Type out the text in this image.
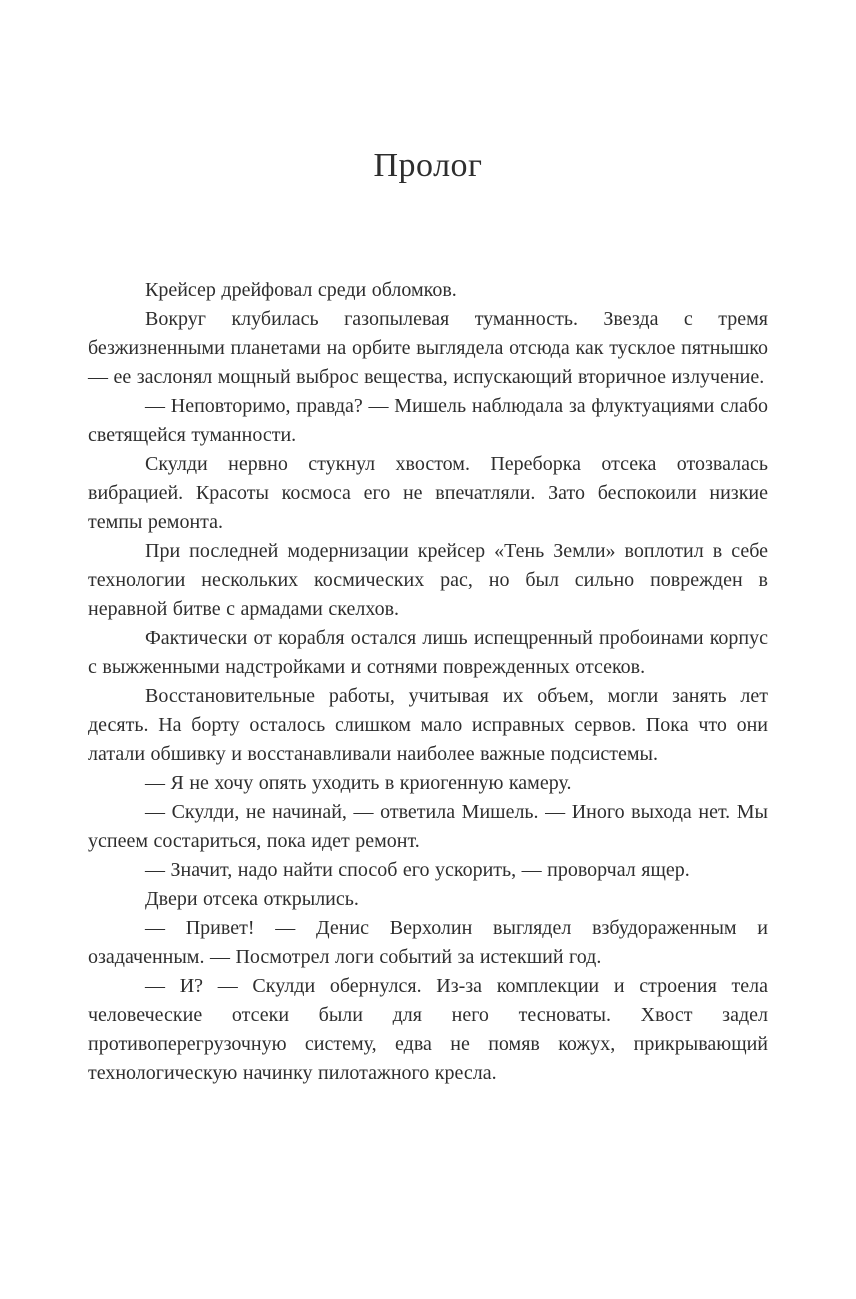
Пролог

Крейсер дрейфовал среди обломков.

Вокруг клубилась газопылевая туманность. Звезда с тремя безжизненными планетами на орбите выглядела отсюда как тусклое пятнышко — ее заслонял мощный выброс вещества, испускающий вторичное излучение.

— Неповторимо, правда? — Мишель наблюдала за флуктуациями слабо светящейся туманности.

Скулди нервно стукнул хвостом. Переборка отсека отозвалась вибрацией. Красоты космоса его не впечатляли. Зато беспокоили низкие темпы ремонта.

При последней модернизации крейсер «Тень Земли» воплотил в себе технологии нескольких космических рас, но был сильно поврежден в неравной битве с армадами скелхов.

Фактически от корабля остался лишь испещренный пробоинами корпус с выжженными надстройками и сотнями поврежденных отсеков.

Восстановительные работы, учитывая их объем, могли занять лет десять. На борту осталось слишком мало исправных сервов. Пока что они латали обшивку и восстанавливали наиболее важные подсистемы.

— Я не хочу опять уходить в криогенную камеру.

— Скулди, не начинай, — ответила Мишель. — Иного выхода нет. Мы успеем состариться, пока идет ремонт.

— Значит, надо найти способ его ускорить, — проворчал ящер.

Двери отсека открылись.

— Привет! — Денис Верхолин выглядел взбудораженным и озадаченным. — Посмотрел логи событий за истекший год.

— И? — Скулди обернулся. Из-за комплекции и строения тела человеческие отсеки были для него тесноваты. Хвост задел противоперегрузочную систему, едва не помяв кожух, прикрывающий технологическую начинку пилотажного кресла.
